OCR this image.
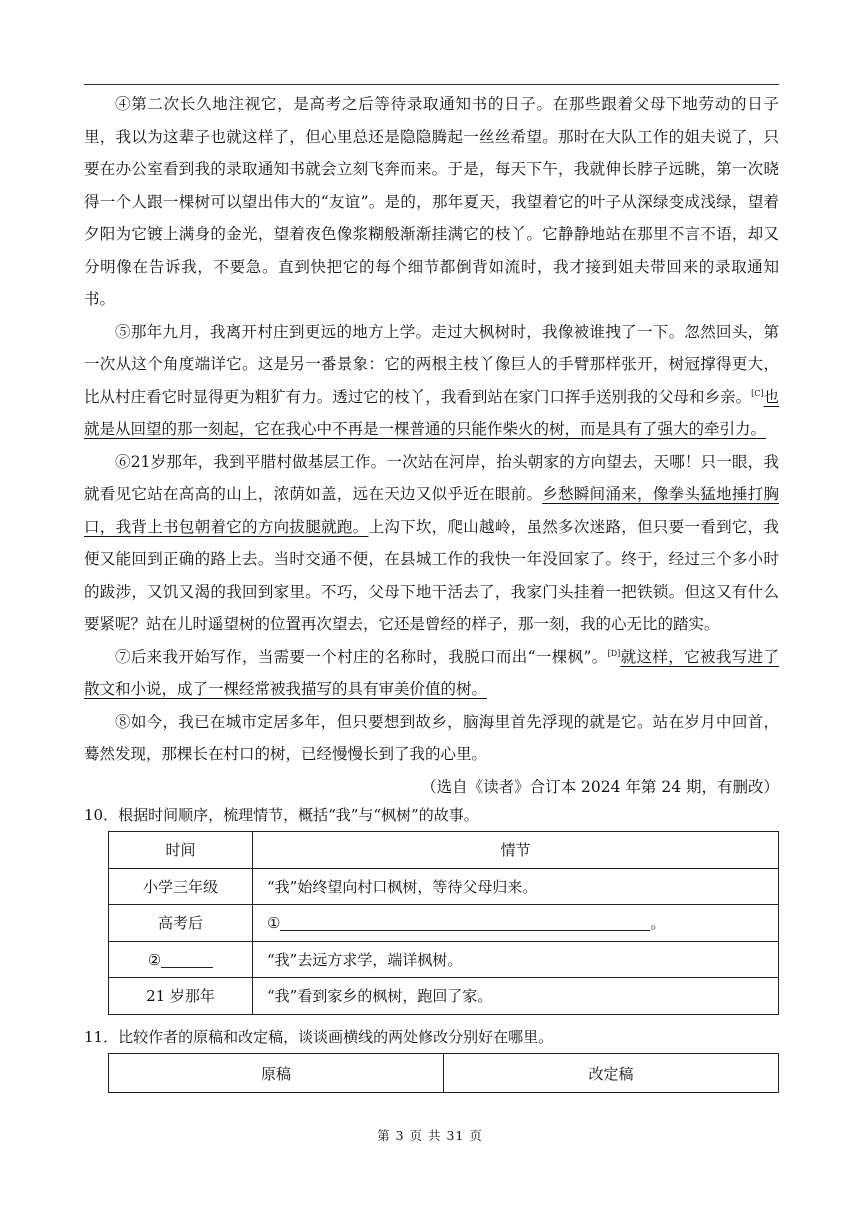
④第二次长久地注视它，是高考之后等待录取通知书的日子。在那些跟着父母下地劳动的日子里，我以为这辈子也就这样了，但心里总还是隐隐腾起一丝丝希望。那时在大队工作的姐夫说了，只要在办公室看到我的录取通知书就会立刻飞奔而来。于是，每天下午，我就伸长脖子远眺，第一次晓得一个人跟一棵树可以望出伟大的“友谊”。是的，那年夏天，我望着它的叶子从深绿变成浅绿，望着夕阳为它镀上满身的金光，望着夜色像浆糊般渐渐挂满它的枝丫。它静静地站在那里不言不语，却又分明像在告诉我，不要急。直到快把它的每个细节都倒背如流时，我才接到姐夫带回来的录取通知书。

⑤那年九月，我离开村庄到更远的地方上学。走过大枫树时，我像被谁拽了一下。忽然回头，第一次从这个角度端详它。这是另一番景象：它的两根主枝丫像巨人的手臂那样张开，树冠撑得更大，比从村庄看它时显得更为粗犷有力。透过它的枝丫，我看到站在家门口挥手送别我的父母和乡亲。[C]也就是从回望的那一刻起，它在我心中不再是一棵普通的只能作柴火的树，而是具有了强大的牵引力。

⑥21岁那年，我到平腊村做基层工作。一次站在河岸，抬头朝家的方向望去，天哪！只一眼，我就看见它站在高高的山上，浓荫如盖，远在天边又似乎近在眼前。乡愁瞬间涌来，像拳头猛地捶打胸口，我背上书包朝着它的方向拔腿就跑。上沟下坎，爬山越岭，虽然多次迷路，但只要一看到它，我便又能回到正确的路上去。当时交通不便，在县城工作的我快一年没回家了。终于，经过三个多小时的跋涉，又饥又渴的我回到家里。不巧，父母下地干活去了，我家门头挂着一把铁锁。但这又有什么要紧呢？站在儿时遥望树的位置再次望去，它还是曾经的样子，那一刻，我的心无比的踏实。

⑦后来我开始写作，当需要一个村庄的名称时，我脱口而出“一棵枫”。[D]就这样，它被我写进了散文和小说，成了一棵经常被我描写的具有审美价值的树。

⑧如今，我已在城市定居多年，但只要想到故乡，脑海里首先浮现的就是它。站在岁月中回首，蓦然发现，那棵长在村口的树，已经慢慢长到了我的心里。

（选自《读者》合订本 2024 年第 24 期，有删改）

10．根据时间顺序，梳理情节，概括“我”与“枫树”的故事。

时间	情节
小学三年级	“我”始终望向村口枫树，等待父母归来。
高考后	① 。
②	“我”去远方求学，端详枫树。
21 岁那年	“我”看到家乡的枫树，跑回了家。

11．比较作者的原稿和改定稿，谈谈画横线的两处修改分别好在哪里。

原稿	改定稿
第 3 页 共 31 页
